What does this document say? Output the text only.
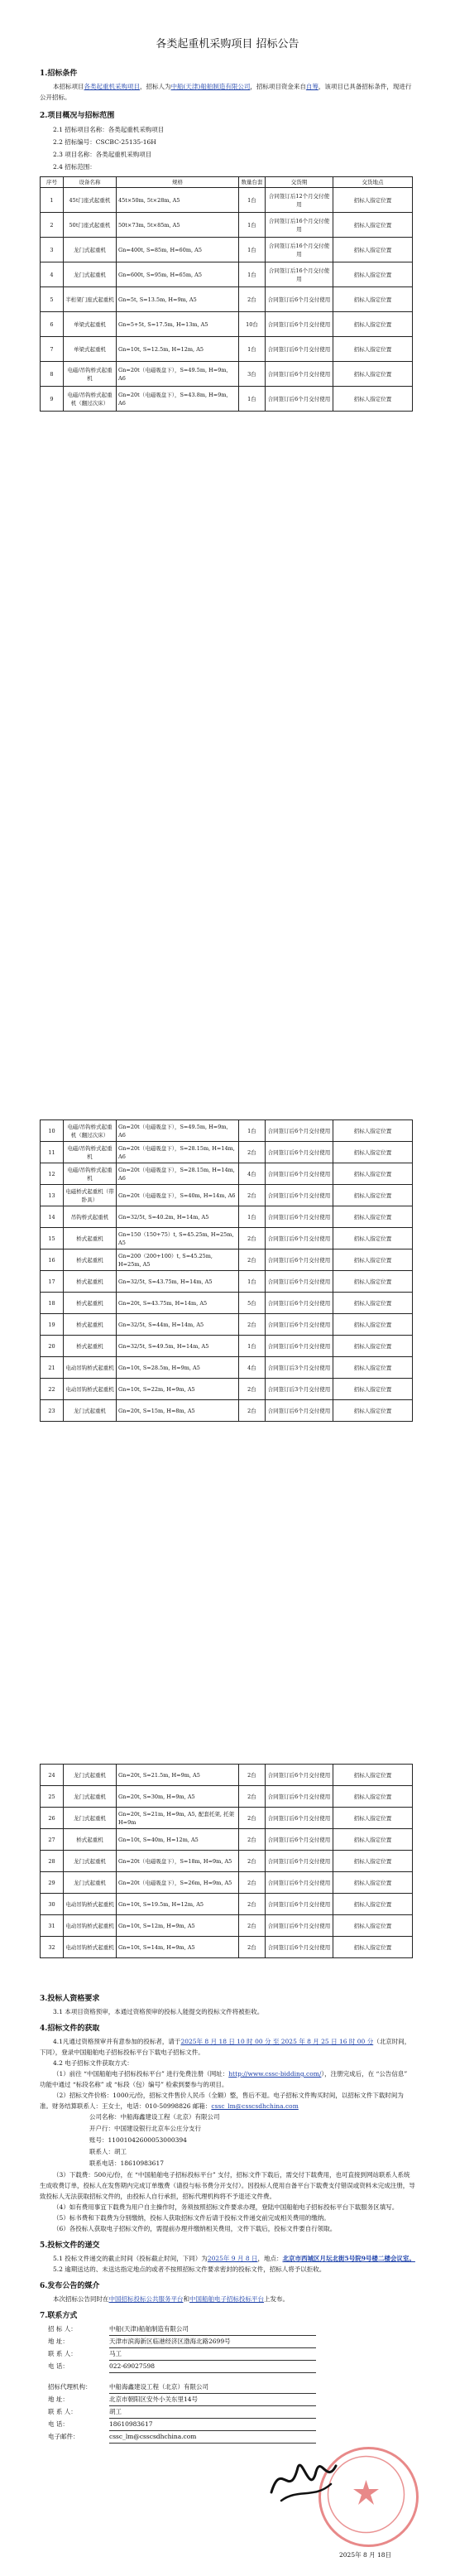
各类起重机采购项目 招标公告
1.招标条件

本招标项目各类起重机采购项目，招标人为中船(天津)船舶制造有限公司，招标项目资金来自自筹，该项目已具备招标条件，现进行公开招标。

2.项目概况与招标范围

2.1 招标项目名称：各类起重机采购项目

2.2 招标编号：CSCBC-25135-16H

2.3 项目名称：各类起重机采购项目

2.4 招标范围：

序号	设备名称	规格	数量台套	交货期	交货地点
1	45t门座式起重机	45t×50m, 5t×28m, A5	1台	合同签订后12个月交付使用	招标人指定位置
2	50t门座式起重机	50t×73m, 5t×85m, A5	1台	合同签订后16个月交付使用	招标人指定位置
3	龙门式起重机	Gn=400t, S=85m, H=60m, A5	1台	合同签订后16个月交付使用	招标人指定位置
4	龙门式起重机	Gn=600t, S=95m, H=65m, A5	1台	合同签订后16个月交付使用	招标人指定位置
5	半桁架门座式起重机	Gn=5t, S=13.5m, H=9m, A5	2台	合同签订后6个月交付使用	招标人指定位置
6	单梁式起重机	Gn=5+5t, S=17.5m, H=13m, A5	10台	合同签订后6个月交付使用	招标人指定位置
7	单梁式起重机	Gn=10t, S=12.5m, H=12m, A5	1台	合同签订后6个月交付使用	招标人指定位置
8	电磁/吊钩桥式起重机	Gn=20t（电磁吸盘下），S=49.5m, H=9m, A6	3台	合同签订后6个月交付使用	招标人指定位置
9	电磁/吊钩桥式起重机（翻过次床）	Gn=20t（电磁吸盘下），S=43.8m, H=9m, A6	1台	合同签订后6个月交付使用	招标人指定位置
10	电磁/吊钩桥式起重机（翻过次床）	Gn=20t（电磁吸盘下），S=49.5m, H=9m, A6	1台	合同签订后6个月交付使用	招标人指定位置
11	电磁/吊钩桥式起重机	Gn=20t（电磁吸盘下），S=28.15m, H=14m, A6	2台	合同签订后6个月交付使用	招标人指定位置
12	电磁/吊钩桥式起重机	Gn=20t（电磁吸盘下），S=28.15m, H=14m, A6	4台	合同签订后6个月交付使用	招标人指定位置
13	电磁桥式起重机（带卧具）	Gn=20t（电磁吸盘下），S=40m, H=14m, A6	2台	合同签订后6个月交付使用	招标人指定位置
14	吊钩桥式起重机	Gn=32/5t, S=40.2m, H=14m, A5	1台	合同签订后6个月交付使用	招标人指定位置
15	桥式起重机	Gn=150（150+75）t, S=45.25m, H=25m, A5	2台	合同签订后6个月交付使用	招标人指定位置
16	桥式起重机	Gn=200（200+100）t, S=45.25m, H=25m, A5	2台	合同签订后6个月交付使用	招标人指定位置
17	桥式起重机	Gn=32/5t, S=43.75m, H=14m, A5	1台	合同签订后6个月交付使用	招标人指定位置
18	桥式起重机	Gn=20t, S=43.75m, H=14m, A5	5台	合同签订后6个月交付使用	招标人指定位置
19	桥式起重机	Gn=32/5t, S=44m, H=14m, A5	2台	合同签订后6个月交付使用	招标人指定位置
20	桥式起重机	Gn=32/5t, S=49.5m, H=14m, A5	1台	合同签订后6个月交付使用	招标人指定位置
21	电动吊钩桥式起重机	Gn=10t, S=28.5m, H=9m, A5	4台	合同签订后3个月交付使用	招标人指定位置
22	电动吊钩桥式起重机	Gn=10t, S=22m, H=9m, A5	2台	合同签订后3个月交付使用	招标人指定位置
23	龙门式起重机	Gn=20t, S=15m, H=8m, A5	2台	合同签订后6个月交付使用	招标人指定位置
24	龙门式起重机	Gn=20t, S=21.5m, H=9m, A5	2台	合同签订后6个月交付使用	招标人指定位置
25	龙门式起重机	Gn=20t, S=30m, H=9m, A5	2台	合同签订后6个月交付使用	招标人指定位置
26	龙门式起重机	Gn=20t, S=21m, H=9m, A5, 配套托架, 托架H=9m	2台	合同签订后6个月交付使用	招标人指定位置
27	桥式起重机	Gn=10t, S=40m, H=12m, A5	2台	合同签订后6个月交付使用	招标人指定位置
28	龙门式起重机	Gn=20t（电磁吸盘下），S=18m, H=9m, A5	2台	合同签订后6个月交付使用	招标人指定位置
29	龙门式起重机	Gn=20t（电磁吸盘下），S=26m, H=9m, A5	2台	合同签订后6个月交付使用	招标人指定位置
30	电动吊钩桥式起重机	Gn=10t, S=19.5m, H=12m, A5	2台	合同签订后6个月交付使用	招标人指定位置
31	电动吊钩桥式起重机	Gn=10t, S=12m, H=9m, A5	2台	合同签订后6个月交付使用	招标人指定位置
32	电动吊钩桥式起重机	Gn=10t, S=14m, H=9m, A5	2台	合同签订后6个月交付使用	招标人指定位置
3.投标人资格要求

3.1 本项目资格预审，本通过资格预审的投标人能提交的投标文件将被拒收。

4.招标文件的获取

4.1凡通过资格预审并有意参加的投标者，请于2025年 8 月 18 日 10 时 00 分 至 2025 年 8 月 25 日 16 时 00 分（北京时间，下同），登录中国船舶电子招标投标平台下载电子招标文件。

4.2 电子招标文件获取方式：

（1）前往 “中国船舶电子招标投标平台” 进行免费注册（网址：http://www.cssc-bidding.com/），注册完成后，在 “公告信息” 功能中通过 “标段名称” 或 “标段（包）编号” 检索到要参与的项目。

（2）招标文件价格：1000元/份，招标文件售价人民币（全额）整，售后不退。电子招标文件购买时间，以招标文件下载时间为准。财务结算联系人：王女士，电话：010-50998826 邮箱：cssc_lm@csscsdhchina.com

公司名称：中船海鑫建设工程（北京）有限公司

开户行：中国建设银行北京车公庄分支行

账号：11001042600053000394

联系人：胡工

联系电话：18610983617

（3）下载费：500元/份，在 “中国船舶电子招标投标平台” 支付，招标文件下载后，需交付下载费用，也可直接到网站联系人系统生成收费订单，投标人在发售期内完成订单缴费（请投与标书费分开支付）。因投标人使用自备平台下载费支付错误或资料未完成注册，导致投标人无法获取招标文件的，由投标人自行承担，招标代理机构将不予退还文件费。

（4）如有费用事宜下载费为用户自主操作时，务须按照招标文件要求办理，登陆中国船舶电子招标投标平台下载服务区填写。

（5）标书费和下载费为分别缴纳，投标人获取招标文件后请于投标文件递交前完成相关费用的缴纳。

（6）各投标人获取电子招标文件的，需提前办理并缴纳相关费用，文件下载后，投标文件要自行领取。

5.投标文件的递交

5.1 投标文件递交的截止时间（投标截止时间，下同）为2025年 9 月 8 日，地点：北京市西城区月坛北街5号院9号楼二楼会议室。

5.2 逾期送达的、未送达指定地点的或者不按照招标文件要求密封的投标文件，招标人将予以拒收。

6.发布公告的媒介

本次招标公告同时在中国招标投标公共服务平台和中国船舶电子招标投标平台上发布。

7.联系方式
招 标 人：	中船(天津)船舶制造有限公司
地 址：	天津市滨海新区临港经济区渤海北路2699号
联 系 人：	马工
电 话：	022-69027598
招标代理机构：	中船海鑫建设工程（北京）有限公司
地 址：	北京市朝阳区安外小关东里14号
联 系 人：	胡工
电 话：	18610983617
电子邮件：	cssc_lm@csscsdhchina.com
2025年 8 月 18日
